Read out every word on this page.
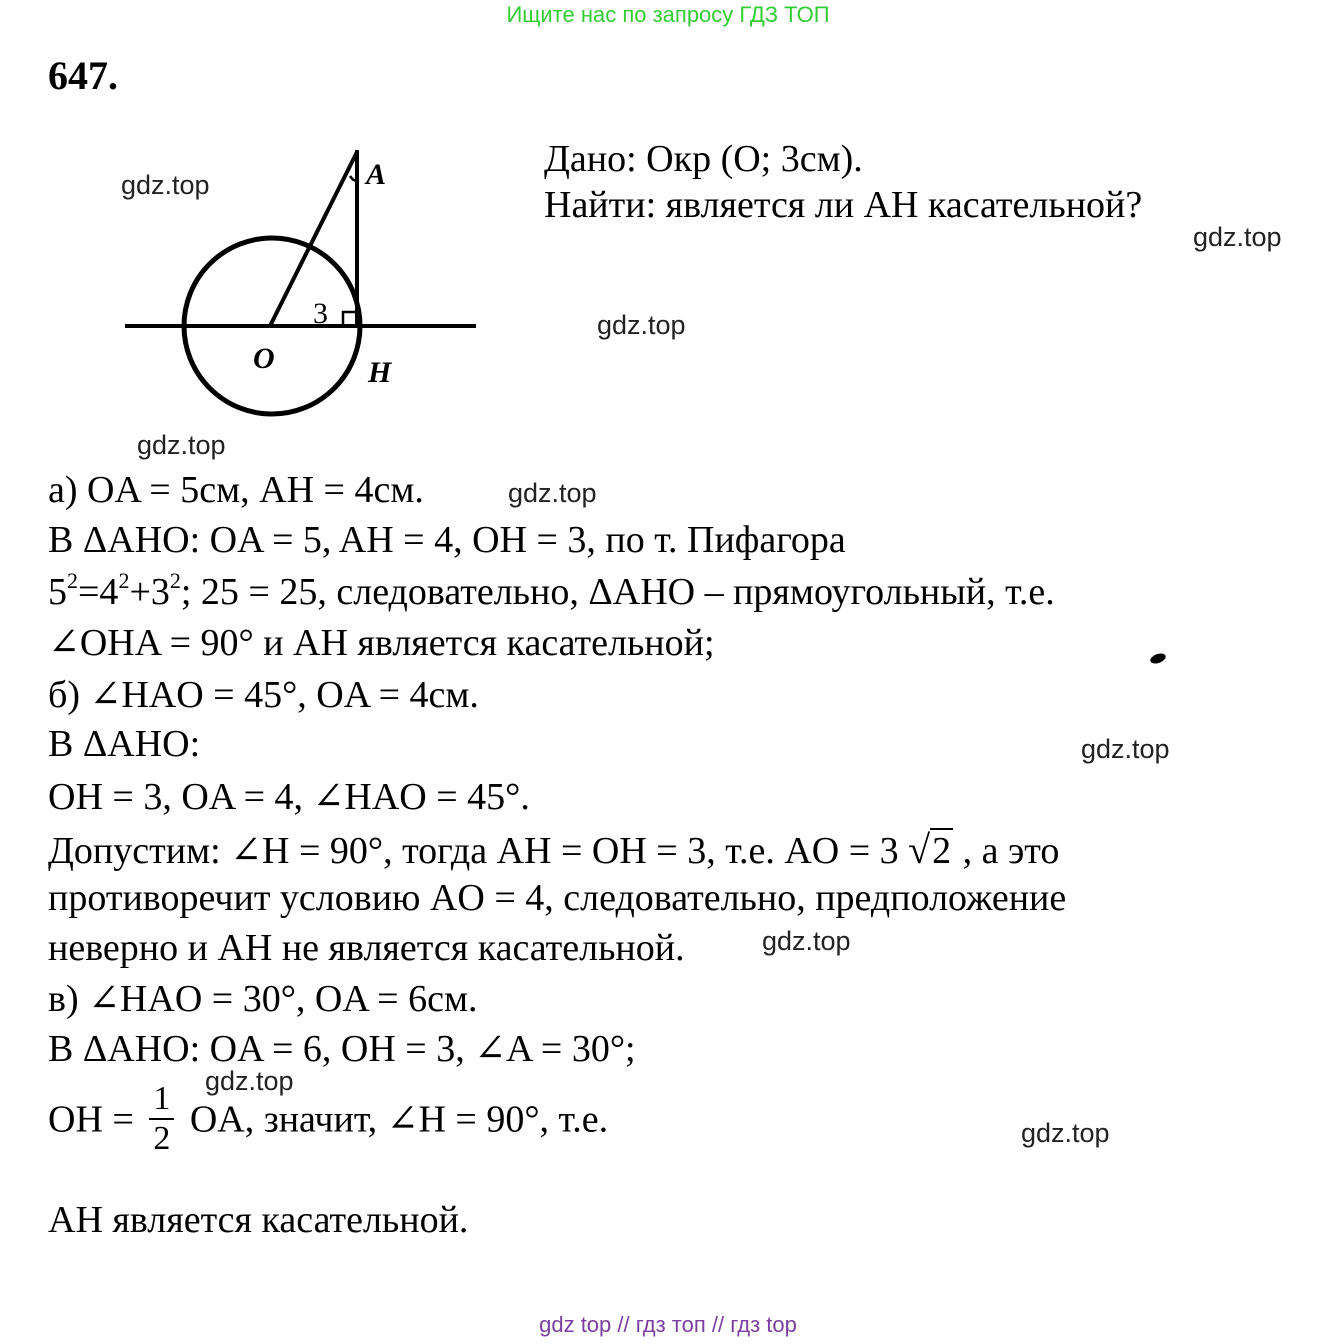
Ищите нас по запросу ГДЗ ТОП
647.
A
3
O	H
Дано: Окр (O; 3см).
Найти: является ли AH касательной?
gdz.top
gdz.top
gdz.top
gdz.top
gdz.top
gdz.top
gdz.top
gdz.top
gdz.top
а) OA = 5см, AH = 4см.
В ΔAHO: OA = 5, AH = 4, OH = 3, по т. Пифагора
$5^2=4^2+3^2$; 25 = 25, следовательно, ΔAHO – прямоугольный, т.е.
∠OHA = 90° и AH является касательной;
б) ∠HAO = 45°, OA = 4см.
В ΔAHO:
OH = 3, OA = 4, ∠HAO = 45°.
Допустим: ∠H = 90°, тогда AH = OH = 3, т.е. AO = 3 √2 , а это
противоречит условию AO = 4, следовательно, предположение
неверно и AH не является касательной.
в) ∠HAO = 30°, OA = 6см.
В ΔAHO: OA = 6, OH = 3, ∠A = 30°;
OH = $\frac{1}{2}$ OA, значит, ∠H = 90°, т.е.
AH является касательной.
gdz top // гдз топ // гдз top
